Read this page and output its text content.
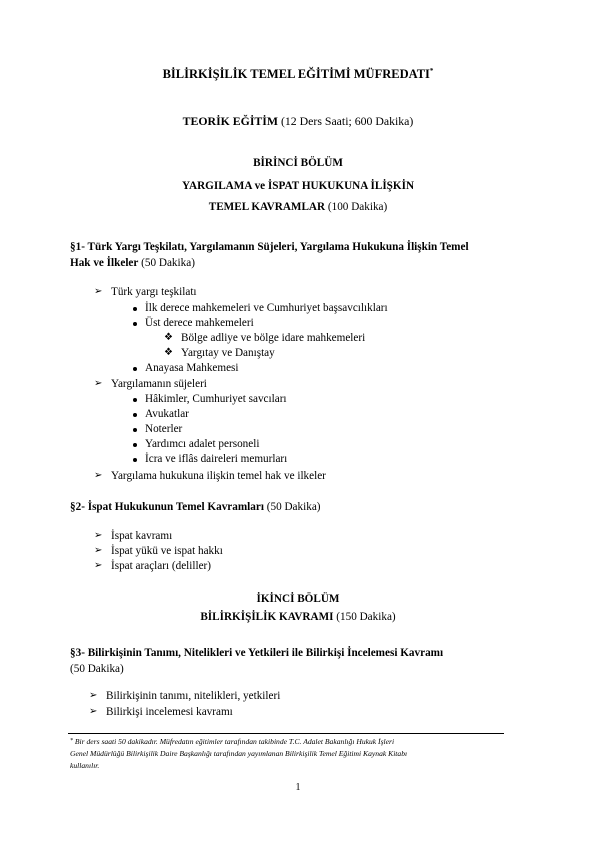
BİLİRKİŞİLİK TEMEL EĞİTİMİ MÜFREDATI*
TEORİK EĞİTİM (12 Ders Saati; 600 Dakika)
BİRİNCİ BÖLÜM
YARGILAMA ve İSPAT HUKUKUNA İLİŞKİN
TEMEL KAVRAMLAR (100 Dakika)
§1- Türk Yargı Teşkilatı, Yargılamanın Süjeleri, Yargılama Hukukuna İlişkin Temel
Hak ve İlkeler (50 Dakika)
➢ Türk yargı teşkilatı
İlk derece mahkemeleri ve Cumhuriyet başsavcılıkları
Üst derece mahkemeleri
❖ Bölge adliye ve bölge idare mahkemeleri
❖ Yargıtay ve Danıştay
Anayasa Mahkemesi
➢ Yargılamanın süjeleri
Hâkimler, Cumhuriyet savcıları
Avukatlar
Noterler
Yardımcı adalet personeli
İcra ve iflâs daireleri memurları
➢ Yargılama hukukuna ilişkin temel hak ve ilkeler
§2- İspat Hukukunun Temel Kavramları (50 Dakika)
➢ İspat kavramı
➢ İspat yükü ve ispat hakkı
➢ İspat araçları (deliller)
İKİNCİ BÖLÜM
BİLİRKİŞİLİK KAVRAMI (150 Dakika)
§3- Bilirkişinin Tanımı, Nitelikleri ve Yetkileri ile Bilirkişi İncelemesi Kavramı
(50 Dakika)
➢ Bilirkişinin tanımı, nitelikleri, yetkileri
➢ Bilirkişi incelemesi kavramı
* Bir ders saati 50 dakikadır. Müfredatın eğitimler tarafından takibinde T.C. Adalet Bakanlığı Hukuk İşleri
Genel Müdürlüğü Bilirkişilik Daire Başkanlığı tarafından yayımlanan Bilirkişilik Temel Eğitimi Kaynak Kitabı
kullanılır.
1
